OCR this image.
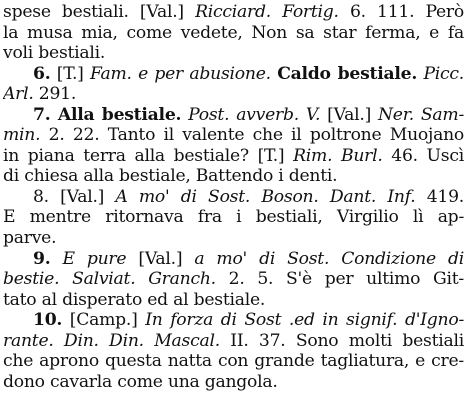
spese bestiali. [Val.] Ricciard. Fortig. 6. 111. Però
la musa mia, come vedete, Non sa star ferma, e fa
voli bestiali.
6. [T.] Fam. e per abusione. Caldo bestiale. Picc.
Arl. 291.
7. Alla bestiale. Post. avverb. V. [Val.] Ner. Sam-
min. 2. 22. Tanto il valente che il poltrone Muojano
in piana terra alla bestiale? [T.] Rim. Burl. 46. Uscì
di chiesa alla bestiale, Battendo i denti.
8. [Val.] A mo' di Sost. Boson. Dant. Inf. 419.
E mentre ritornava fra i bestiali, Virgilio lì ap-
parve.
9. E pure [Val.] a mo' di Sost. Condizione di
bestie. Salviat. Granch. 2. 5. S'è per ultimo Git-
tato al disperato ed al bestiale.
10. [Camp.] In forza di Sost .ed in signif. d'Igno-
rante. Din. Din. Mascal. II. 37. Sono molti bestiali
che aprono questa natta con grande tagliatura, e cre-
dono cavarla come una gangola.
